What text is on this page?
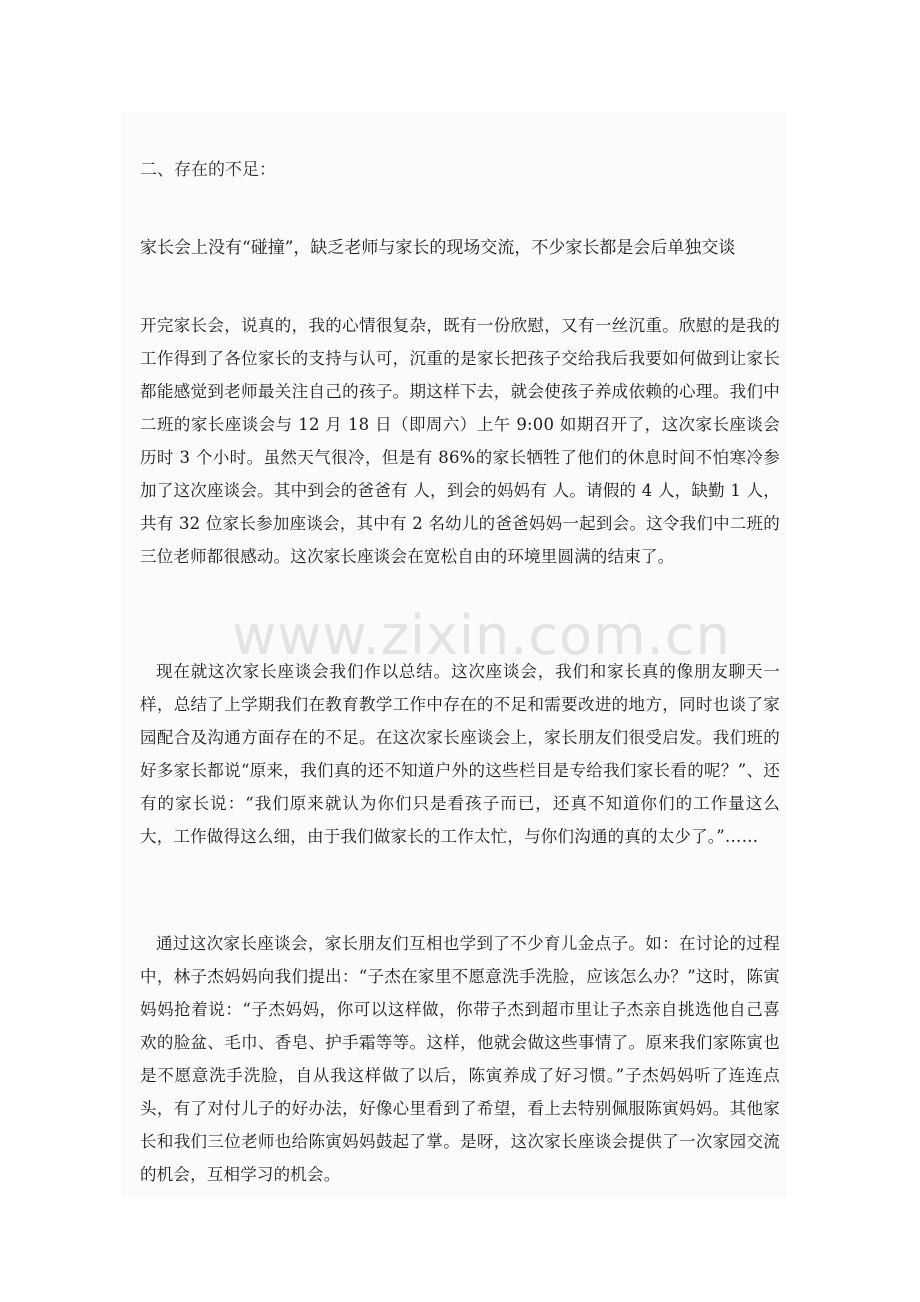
二、存在的不足：
家长会上没有“碰撞”，缺乏老师与家长的现场交流，不少家长都是会后单独交谈
开完家长会，说真的，我的心情很复杂，既有一份欣慰，又有一丝沉重。欣慰的是我的工作得到了各位家长的支持与认可，沉重的是家长把孩子交给我后我要如何做到让家长都能感觉到老师最关注自己的孩子。期这样下去，就会使孩子养成依赖的心理。我们中二班的家长座谈会与 12 月 18 日（即周六）上午 9:00 如期召开了，这次家长座谈会历时 3 个小时。虽然天气很冷，但是有 86%的家长牺牲了他们的休息时间不怕寒冷参加了这次座谈会。其中到会的爸爸有 人，到会的妈妈有 人。请假的 4 人，缺勤 1 人，共有 32 位家长参加座谈会，其中有 2 名幼儿的爸爸妈妈一起到会。这令我们中二班的三位老师都很感动。这次家长座谈会在宽松自由的环境里圆满的结束了。
www.zixin.com.cn
现在就这次家长座谈会我们作以总结。这次座谈会，我们和家长真的像朋友聊天一样，总结了上学期我们在教育教学工作中存在的不足和需要改进的地方，同时也谈了家园配合及沟通方面存在的不足。在这次家长座谈会上，家长朋友们很受启发。我们班的好多家长都说“原来，我们真的还不知道户外的这些栏目是专给我们家长看的呢？”、还有的家长说：“我们原来就认为你们只是看孩子而已，还真不知道你们的工作量这么大，工作做得这么细，由于我们做家长的工作太忙，与你们沟通的真的太少了。”……
通过这次家长座谈会，家长朋友们互相也学到了不少育儿金点子。如：在讨论的过程中，林子杰妈妈向我们提出：“子杰在家里不愿意洗手洗脸，应该怎么办？”这时，陈寅妈妈抢着说：“子杰妈妈，你可以这样做，你带子杰到超市里让子杰亲自挑选他自己喜欢的脸盆、毛巾、香皂、护手霜等等。这样，他就会做这些事情了。原来我们家陈寅也是不愿意洗手洗脸，自从我这样做了以后，陈寅养成了好习惯。”子杰妈妈听了连连点头，有了对付儿子的好办法，好像心里看到了希望，看上去特别佩服陈寅妈妈。其他家长和我们三位老师也给陈寅妈妈鼓起了掌。是呀，这次家长座谈会提供了一次家园交流的机会，互相学习的机会。
